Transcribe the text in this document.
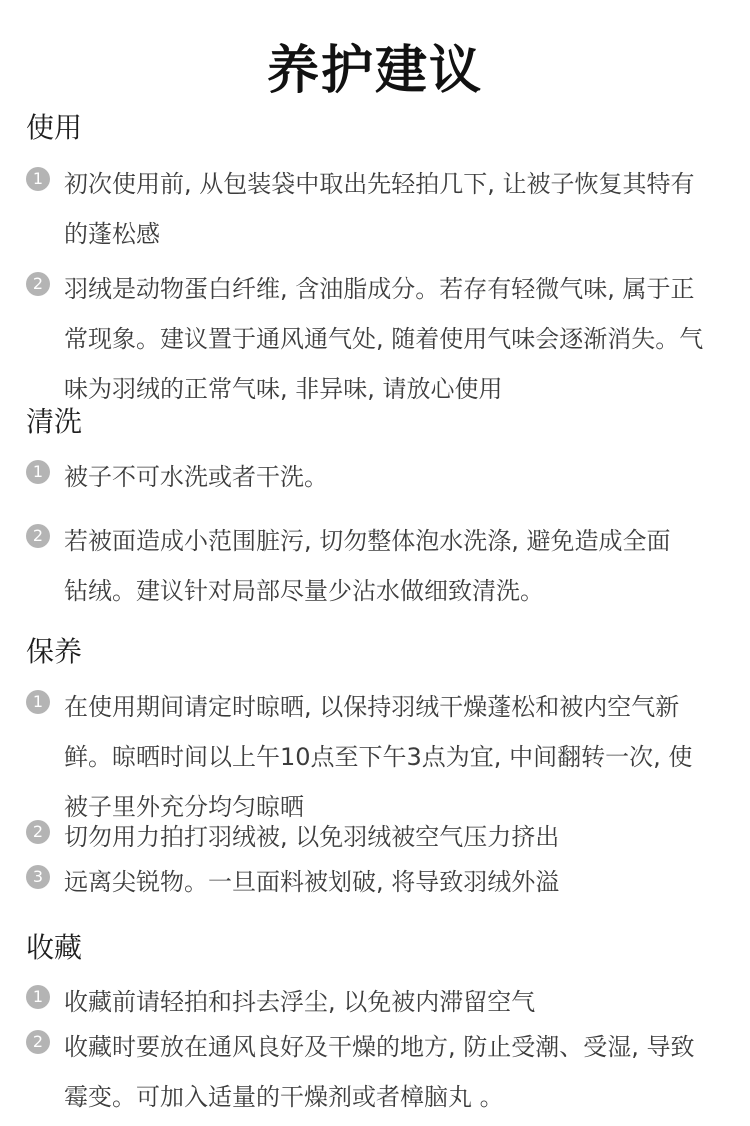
养护建议
使用
1 初次使用前, 从包装袋中取出先轻拍几下, 让被子恢复其特有
的蓬松感
2 羽绒是动物蛋白纤维, 含油脂成分。若存有轻微气味, 属于正
常现象。建议置于通风通气处, 随着使用气味会逐渐消失。气
味为羽绒的正常气味, 非异味, 请放心使用
清洗
1 被子不可水洗或者干洗。
2 若被面造成小范围脏污, 切勿整体泡水洗涤, 避免造成全面
钻绒。建议针对局部尽量少沾水做细致清洗。
保养
1 在使用期间请定时晾晒, 以保持羽绒干燥蓬松和被内空气新
鲜。晾晒时间以上午10点至下午3点为宜, 中间翻转一次, 使
被子里外充分均匀晾晒
2 切勿用力拍打羽绒被, 以免羽绒被空气压力挤出
3 远离尖锐物。一旦面料被划破, 将导致羽绒外溢
收藏
1 收藏前请轻拍和抖去浮尘, 以免被内滞留空气
2 收藏时要放在通风良好及干燥的地方, 防止受潮、受湿, 导致
霉变。可加入适量的干燥剂或者樟脑丸 。
